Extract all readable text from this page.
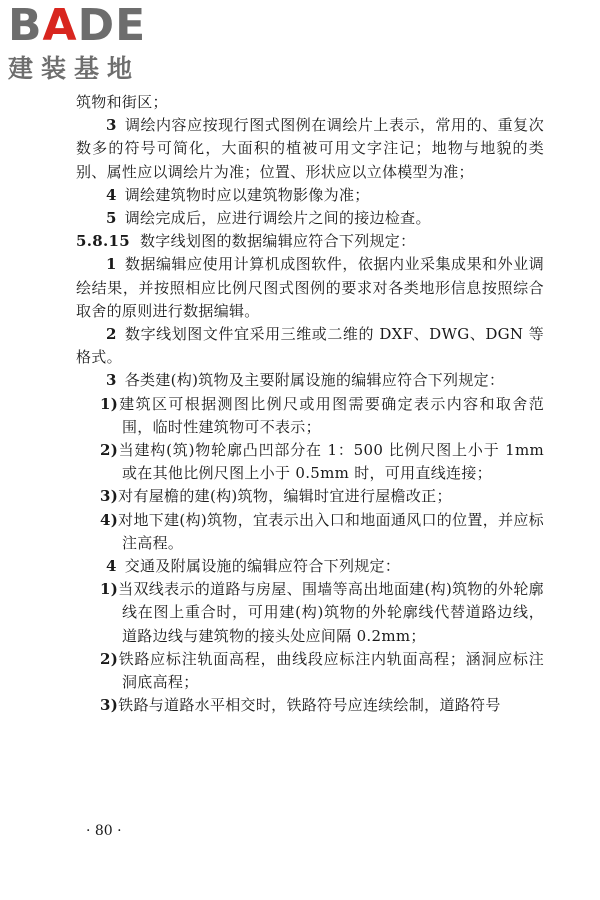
BADE
建装基地

筑物和街区；

3 调绘内容应按现行图式图例在调绘片上表示，常用的、重复次数多的符号可简化，大面积的植被可用文字注记；地物与地貌的类别、属性应以调绘片为准；位置、形状应以立体模型为准；

4 调绘建筑物时应以建筑物影像为准；

5 调绘完成后，应进行调绘片之间的接边检查。

5.8.15 数字线划图的数据编辑应符合下列规定：

1 数据编辑应使用计算机成图软件，依据内业采集成果和外业调绘结果，并按照相应比例尺图式图例的要求对各类地形信息按照综合取舍的原则进行数据编辑。

2 数字线划图文件宜采用三维或二维的 DXF、DWG、DGN 等格式。

3 各类建(构)筑物及主要附属设施的编辑应符合下列规定：

1)建筑区可根据测图比例尺或用图需要确定表示内容和取舍范围，临时性建筑物可不表示；

2)当建构(筑)物轮廓凸凹部分在 1：500 比例尺图上小于 1mm 或在其他比例尺图上小于 0.5mm 时，可用直线连接；

3)对有屋檐的建(构)筑物，编辑时宜进行屋檐改正；

4)对地下建(构)筑物，宜表示出入口和地面通风口的位置，并应标注高程。

4 交通及附属设施的编辑应符合下列规定：

1)当双线表示的道路与房屋、围墙等高出地面建(构)筑物的外轮廓线在图上重合时，可用建(构)筑物的外轮廓线代替道路边线，道路边线与建筑物的接头处应间隔 0.2mm；

2)铁路应标注轨面高程，曲线段应标注内轨面高程；涵洞应标注洞底高程；

3)铁路与道路水平相交时，铁路符号应连续绘制，道路符号

· 80 ·
